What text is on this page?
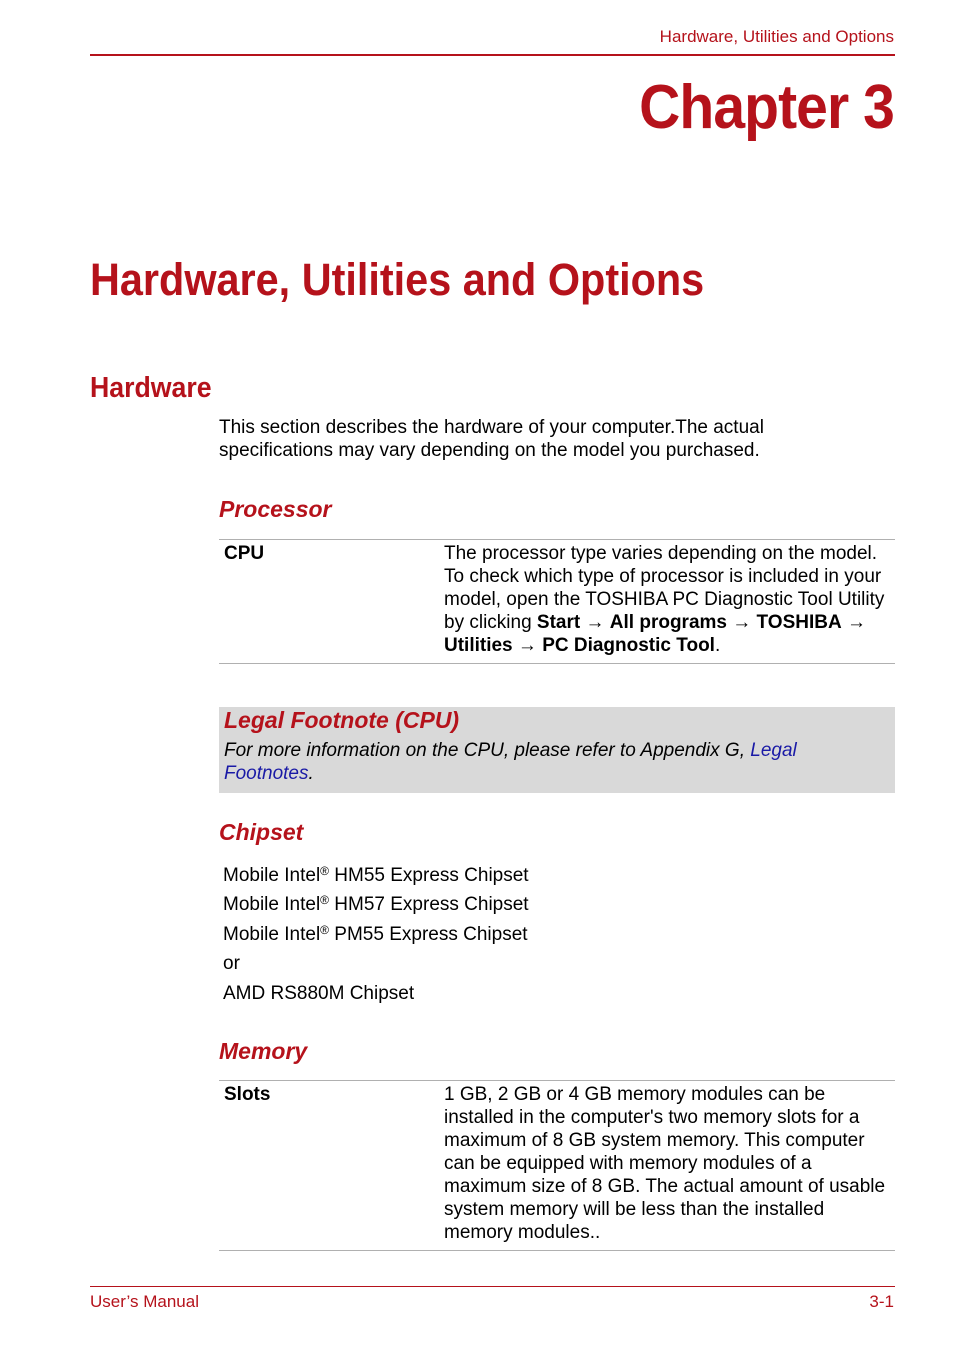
Hardware, Utilities and Options
Chapter 3
Hardware, Utilities and Options
Hardware
This section describes the hardware of your computer.The actual specifications may vary depending on the model you purchased.
Processor
CPU	The processor type varies depending on the model. To check which type of processor is included in your model, open the TOSHIBA PC Diagnostic Tool Utility by clicking Start → All programs → TOSHIBA → Utilities → PC Diagnostic Tool.
Legal Footnote (CPU)
For more information on the CPU, please refer to Appendix G, Legal Footnotes.
Chipset
Mobile Intel® HM55 Express Chipset
Mobile Intel® HM57 Express Chipset
Mobile Intel® PM55 Express Chipset
or
AMD RS880M Chipset
Memory
Slots	1 GB, 2 GB or 4 GB memory modules can be installed in the computer's two memory slots for a maximum of 8 GB system memory. This computer can be equipped with memory modules of a maximum size of 8 GB. The actual amount of usable system memory will be less than the installed memory modules..
User’s Manual	3-1
